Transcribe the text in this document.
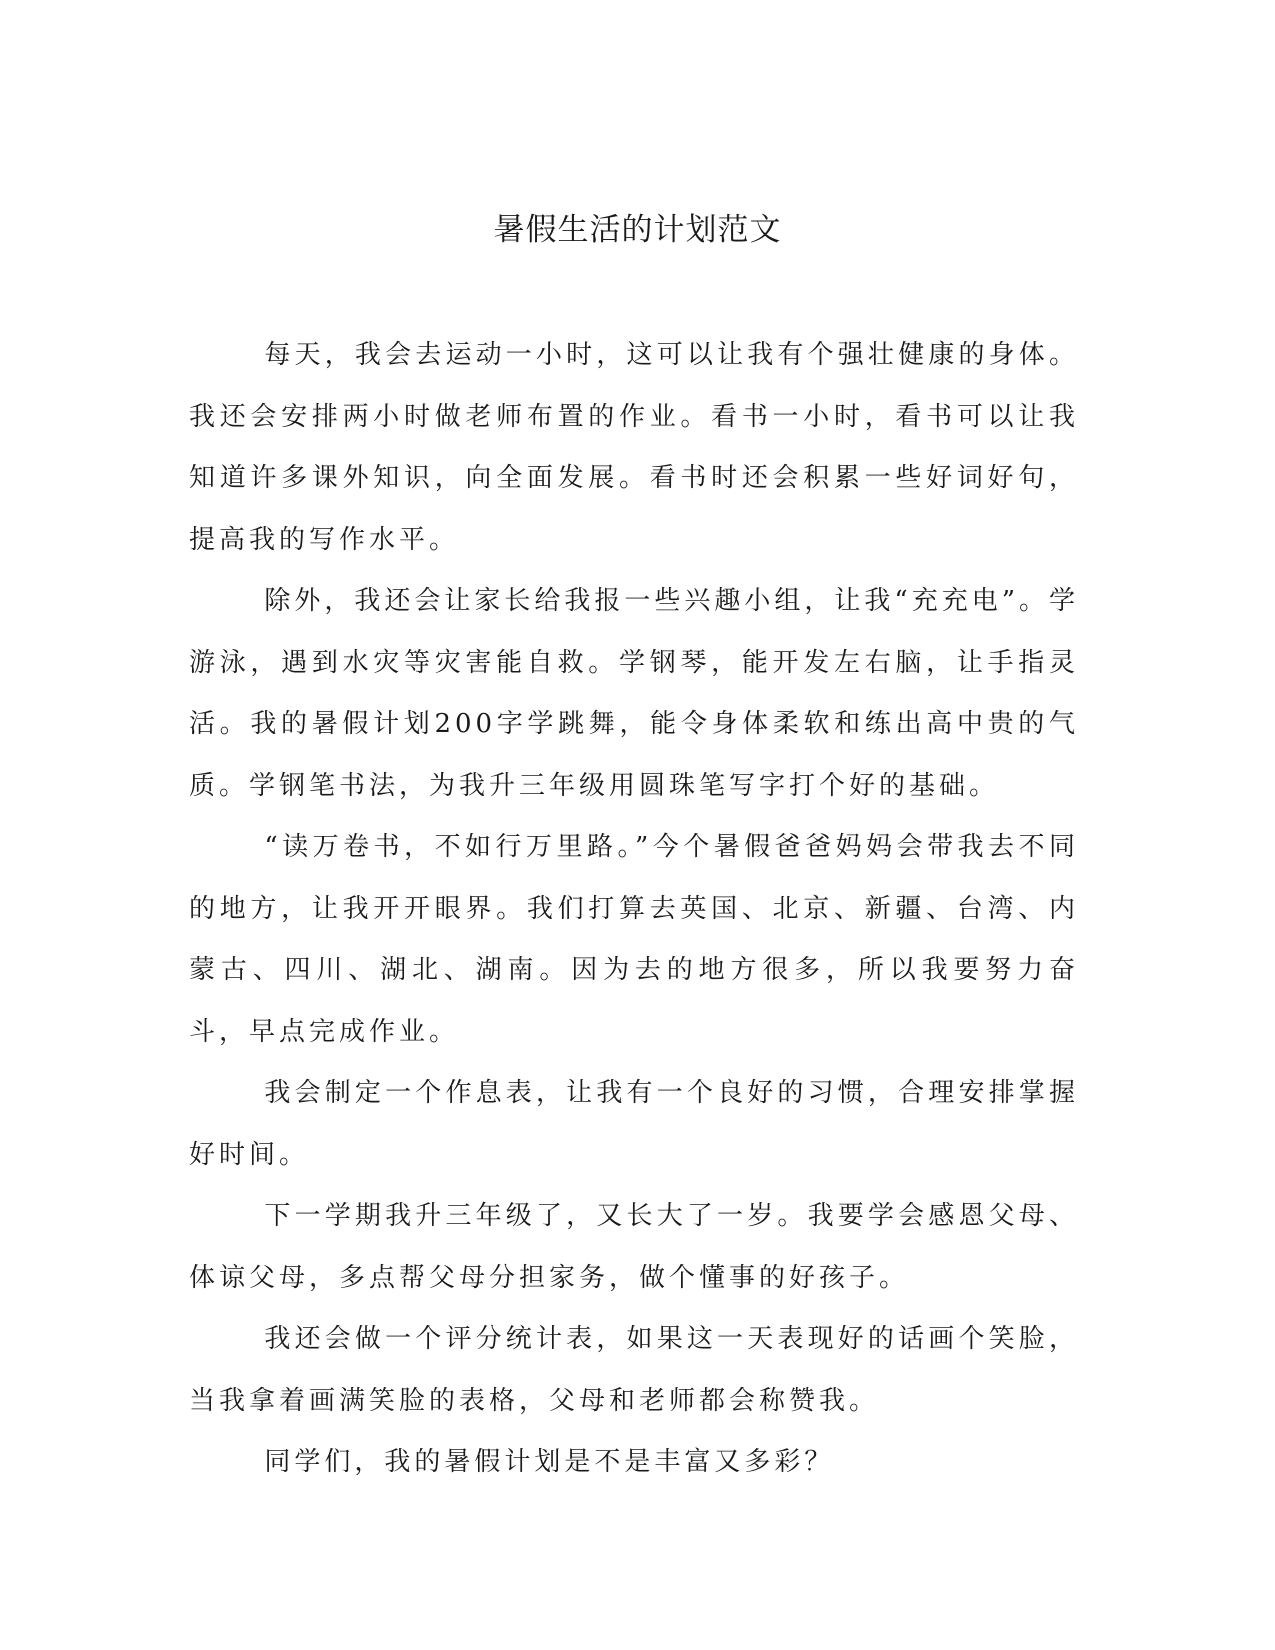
暑假生活的计划范文

每天，我会去运动一小时，这可以让我有个强壮健康的身体。我还会安排两小时做老师布置的作业。看书一小时，看书可以让我知道许多课外知识，向全面发展。看书时还会积累一些好词好句，提高我的写作水平。

除外，我还会让家长给我报一些兴趣小组，让我“充充电”。学游泳，遇到水灾等灾害能自救。学钢琴，能开发左右脑，让手指灵活。我的暑假计划200字学跳舞，能令身体柔软和练出高中贵的气质。学钢笔书法，为我升三年级用圆珠笔写字打个好的基础。

“读万卷书，不如行万里路。”今个暑假爸爸妈妈会带我去不同的地方，让我开开眼界。我们打算去英国、北京、新疆、台湾、内蒙古、四川、湖北、湖南。因为去的地方很多，所以我要努力奋斗，早点完成作业。

我会制定一个作息表，让我有一个良好的习惯，合理安排掌握好时间。

下一学期我升三年级了，又长大了一岁。我要学会感恩父母、体谅父母，多点帮父母分担家务，做个懂事的好孩子。

我还会做一个评分统计表，如果这一天表现好的话画个笑脸，当我拿着画满笑脸的表格，父母和老师都会称赞我。

同学们，我的暑假计划是不是丰富又多彩？
